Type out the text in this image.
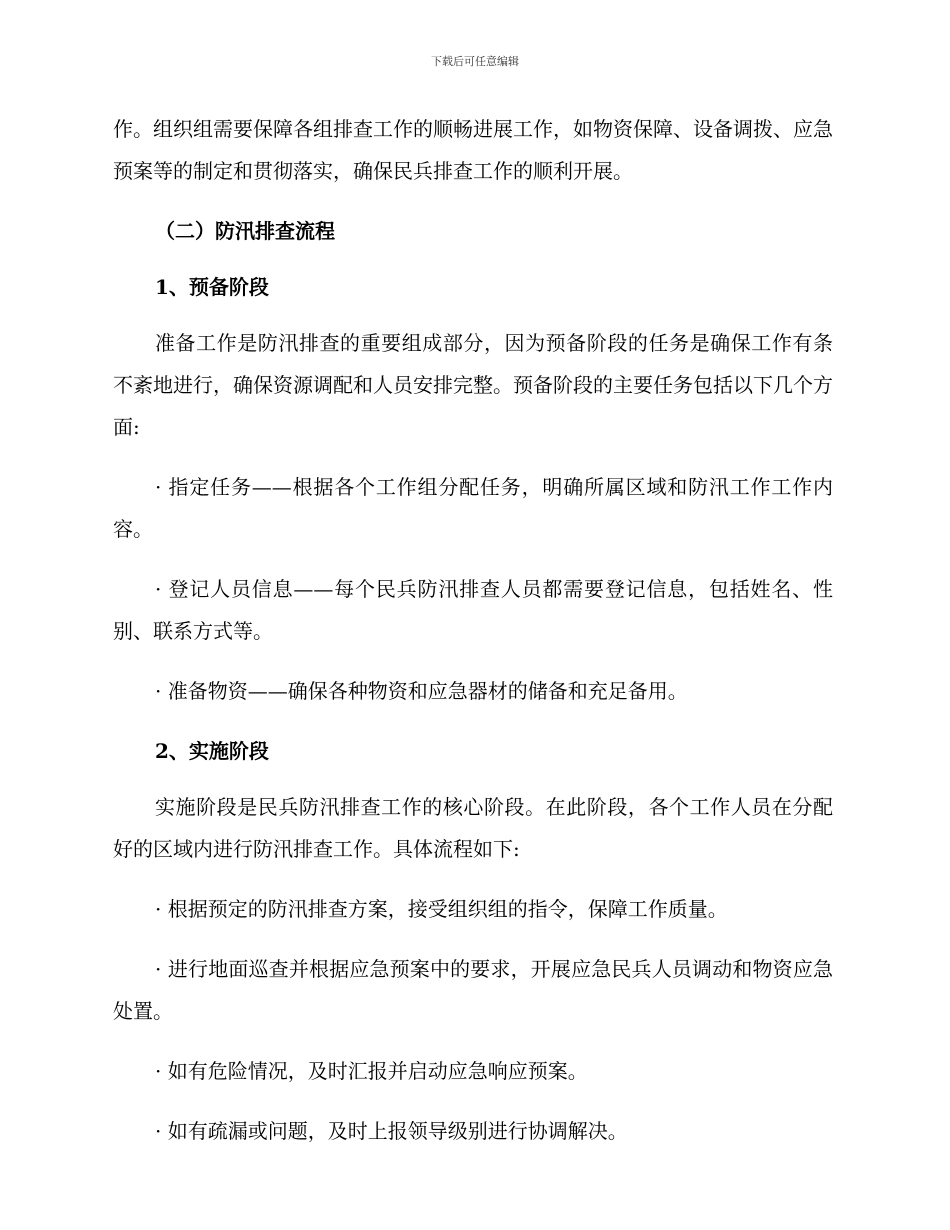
下载后可任意编辑

作。组织组需要保障各组排查工作的顺畅进展工作，如物资保障、设备调拨、应急预案等的制定和贯彻落实，确保民兵排查工作的顺利开展。

（二）防汛排查流程
1、预备阶段

准备工作是防汛排查的重要组成部分，因为预备阶段的任务是确保工作有条不紊地进行，确保资源调配和人员安排完整。预备阶段的主要任务包括以下几个方面:

· 指定任务——根据各个工作组分配任务，明确所属区域和防汛工作工作内容。

· 登记人员信息——每个民兵防汛排查人员都需要登记信息，包括姓名、性别、联系方式等。

· 准备物资——确保各种物资和应急器材的储备和充足备用。

2、实施阶段

实施阶段是民兵防汛排查工作的核心阶段。在此阶段，各个工作人员在分配好的区域内进行防汛排查工作。具体流程如下:

· 根据预定的防汛排查方案，接受组织组的指令，保障工作质量。

· 进行地面巡查并根据应急预案中的要求，开展应急民兵人员调动和物资应急处置。

· 如有危险情况，及时汇报并启动应急响应预案。

· 如有疏漏或问题，及时上报领导级别进行协调解决。
